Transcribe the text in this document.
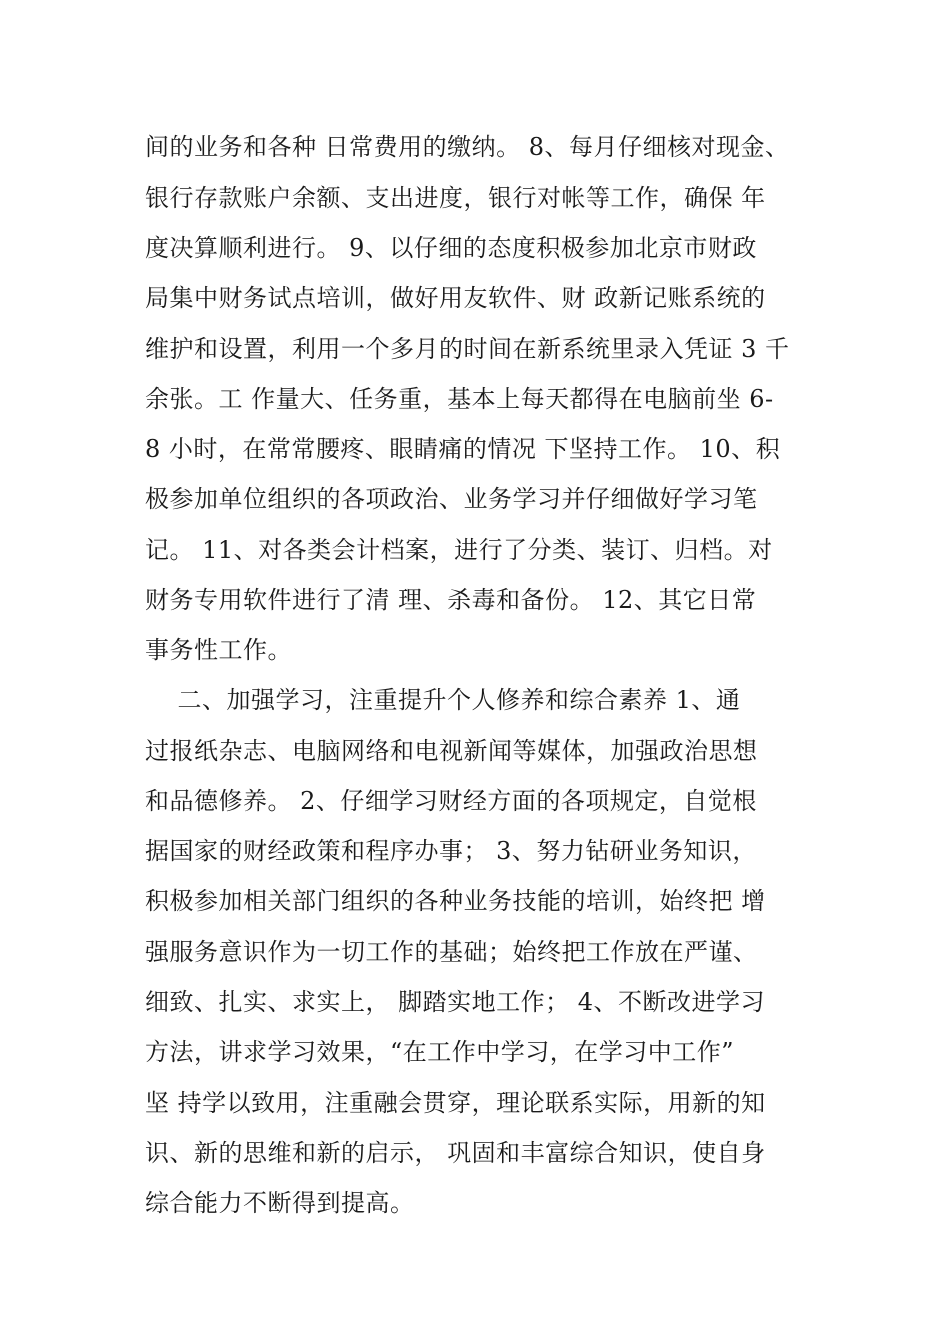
间的业务和各种 日常费用的缴纳。 8、每月仔细核对现金、
银行存款账户余额、支出进度，银行对帐等工作，确保 年
度决算顺利进行。 9、以仔细的态度积极参加北京市财政
局集中财务试点培训，做好用友软件、财 政新记账系统的
维护和设置，利用一个多月的时间在新系统里录入凭证 3 千
余张。工 作量大、任务重，基本上每天都得在电脑前坐 6-
8 小时，在常常腰疼、眼睛痛的情况 下坚持工作。 10、积
极参加单位组织的各项政治、业务学习并仔细做好学习笔
记。 11、对各类会计档案，进行了分类、装订、归档。对
财务专用软件进行了清 理、杀毒和备份。 12、其它日常
事务性工作。
二、加强学习，注重提升个人修养和综合素养 1、通
过报纸杂志、电脑网络和电视新闻等媒体，加强政治思想
和品德修养。 2、仔细学习财经方面的各项规定，自觉根
据国家的财经政策和程序办事； 3、努力钻研业务知识，
积极参加相关部门组织的各种业务技能的培训，始终把 增
强服务意识作为一切工作的基础；始终把工作放在严谨、
细致、扎实、求实上， 脚踏实地工作； 4、不断改进学习
方法，讲求学习效果，“在工作中学习，在学习中工作”
坚 持学以致用，注重融会贯穿，理论联系实际，用新的知
识、新的思维和新的启示， 巩固和丰富综合知识，使自身
综合能力不断得到提高。
